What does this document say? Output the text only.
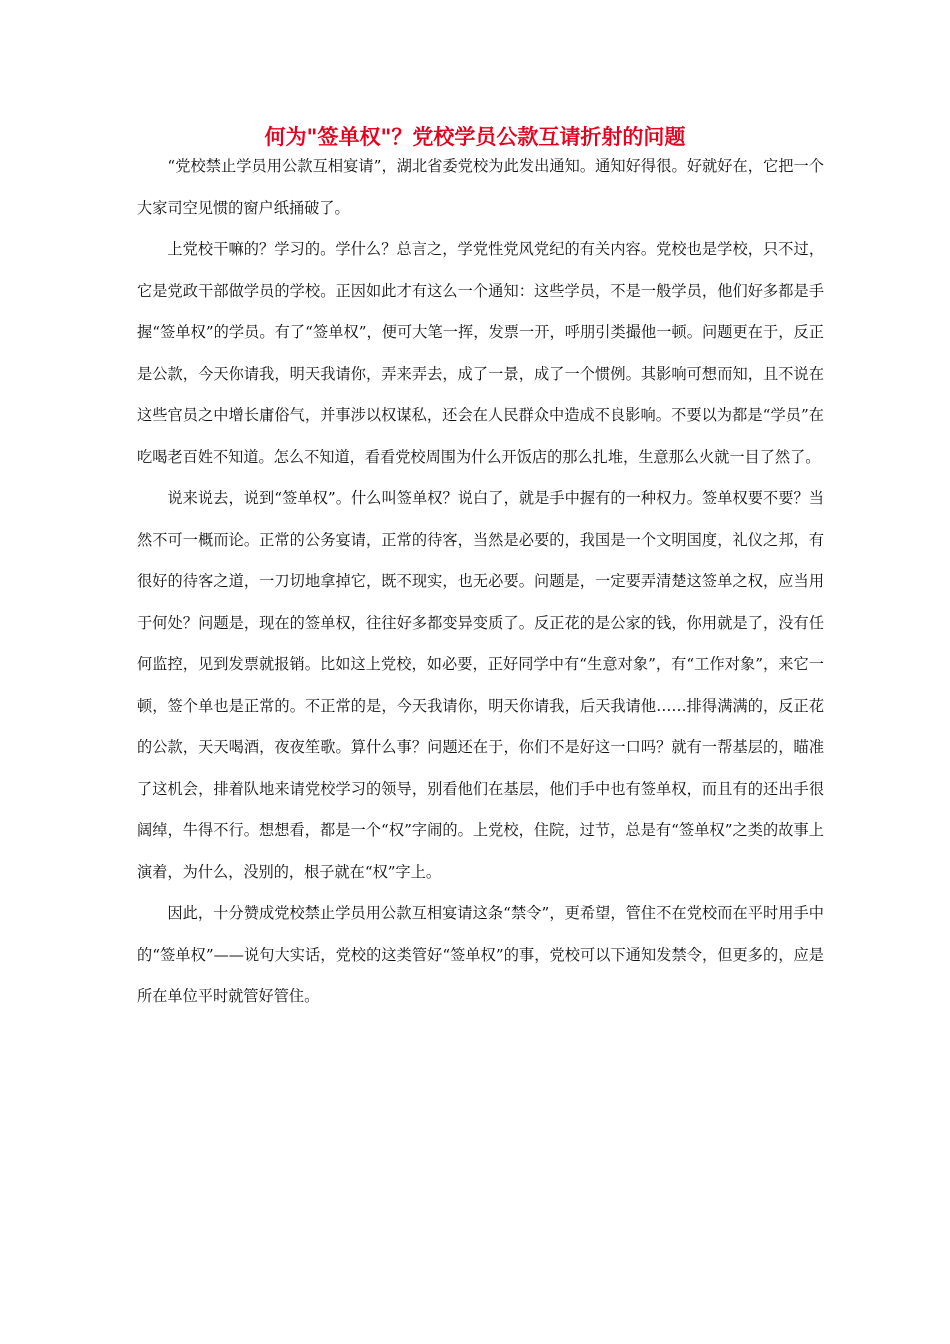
何为"签单权"？党校学员公款互请折射的问题

“党校禁止学员用公款互相宴请”，湖北省委党校为此发出通知。通知好得很。好就好在，它把一个大家司空见惯的窗户纸捅破了。

上党校干嘛的？学习的。学什么？总言之，学党性党风党纪的有关内容。党校也是学校，只不过，它是党政干部做学员的学校。正因如此才有这么一个通知：这些学员，不是一般学员，他们好多都是手握“签单权”的学员。有了“签单权”，便可大笔一挥，发票一开，呼朋引类撮他一顿。问题更在于，反正是公款，今天你请我，明天我请你，弄来弄去，成了一景，成了一个惯例。其影响可想而知，且不说在这些官员之中增长庸俗气，并事涉以权谋私，还会在人民群众中造成不良影响。不要以为都是“学员”在吃喝老百姓不知道。怎么不知道，看看党校周围为什么开饭店的那么扎堆，生意那么火就一目了然了。

说来说去，说到“签单权”。什么叫签单权？说白了，就是手中握有的一种权力。签单权要不要？当然不可一概而论。正常的公务宴请，正常的待客，当然是必要的，我国是一个文明国度，礼仪之邦，有很好的待客之道，一刀切地拿掉它，既不现实，也无必要。问题是，一定要弄清楚这签单之权，应当用于何处？问题是，现在的签单权，往往好多都变异变质了。反正花的是公家的钱，你用就是了，没有任何监控，见到发票就报销。比如这上党校，如必要，正好同学中有“生意对象”，有“工作对象”，来它一顿，签个单也是正常的。不正常的是，今天我请你，明天你请我，后天我请他……排得满满的，反正花的公款，天天喝酒，夜夜笙歌。算什么事？问题还在于，你们不是好这一口吗？就有一帮基层的，瞄准了这机会，排着队地来请党校学习的领导，别看他们在基层，他们手中也有签单权，而且有的还出手很阔绰，牛得不行。想想看，都是一个“权”字闹的。上党校，住院，过节，总是有“签单权”之类的故事上演着，为什么，没别的，根子就在“权”字上。

因此，十分赞成党校禁止学员用公款互相宴请这条“禁令”，更希望，管住不在党校而在平时用手中的“签单权”——说句大实话，党校的这类管好“签单权”的事，党校可以下通知发禁令，但更多的，应是所在单位平时就管好管住。
